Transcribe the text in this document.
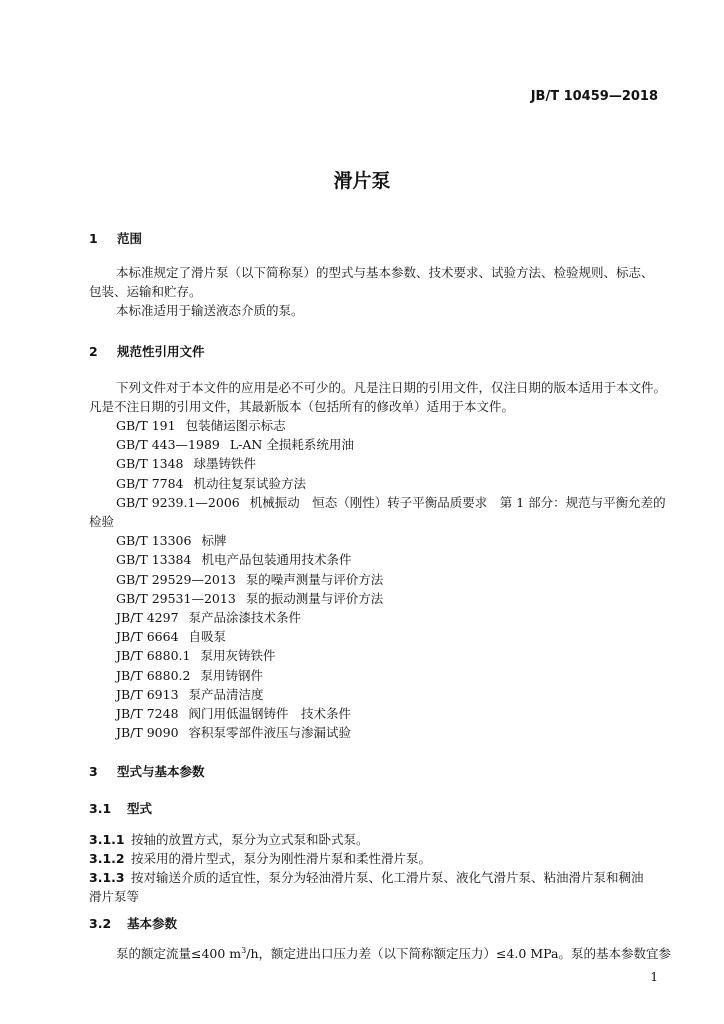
JB/T 10459—2018
滑片泵
1 范围
本标准规定了滑片泵（以下简称泵）的型式与基本参数、技术要求、试验方法、检验规则、标志、
包装、运输和贮存。
本标准适用于输送液态介质的泵。
2 规范性引用文件
下列文件对于本文件的应用是必不可少的。凡是注日期的引用文件，仅注日期的版本适用于本文件。
凡是不注日期的引用文件，其最新版本（包括所有的修改单）适用于本文件。
GB/T 191 包装储运图示标志
GB/T 443—1989 L-AN 全损耗系统用油
GB/T 1348 球墨铸铁件
GB/T 7784 机动往复泵试验方法
GB/T 9239.1—2006 机械振动　恒态（刚性）转子平衡品质要求　第 1 部分：规范与平衡允差的
检验
GB/T 13306 标牌
GB/T 13384 机电产品包装通用技术条件
GB/T 29529—2013 泵的噪声测量与评价方法
GB/T 29531—2013 泵的振动测量与评价方法
JB/T 4297 泵产品涂漆技术条件
JB/T 6664 自吸泵
JB/T 6880.1 泵用灰铸铁件
JB/T 6880.2 泵用铸钢件
JB/T 6913 泵产品清洁度
JB/T 7248 阀门用低温钢铸件　技术条件
JB/T 9090 容积泵零部件液压与渗漏试验
3 型式与基本参数
3.1 型式
3.1.1 按轴的放置方式，泵分为立式泵和卧式泵。
3.1.2 按采用的滑片型式，泵分为刚性滑片泵和柔性滑片泵。
3.1.3 按对输送介质的适宜性，泵分为轻油滑片泵、化工滑片泵、液化气滑片泵、粘油滑片泵和稠油
滑片泵等
3.2 基本参数
泵的额定流量≤400 $m^3/h$，额定进出口压力差（以下简称额定压力）≤4.0 MPa。泵的基本参数宜参
1
